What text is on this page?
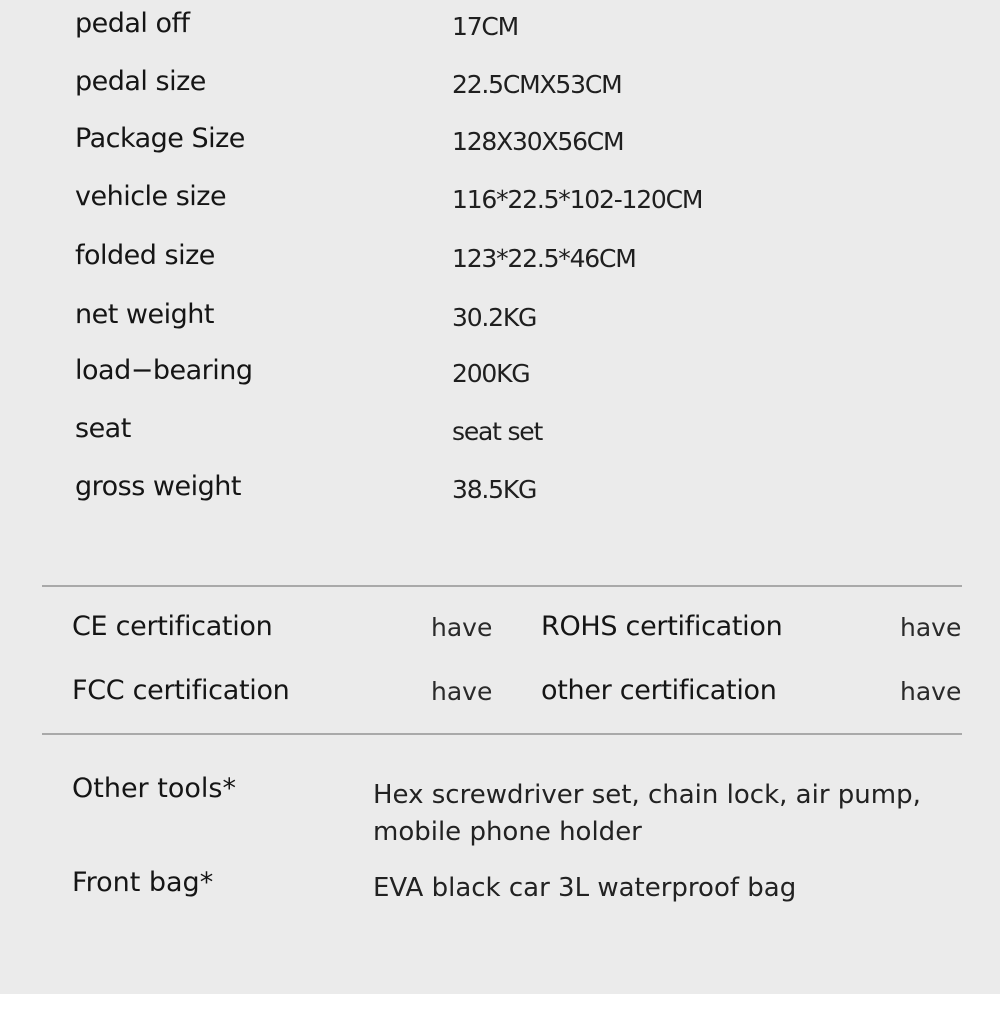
pedal off	17CM
pedal size	22.5CMX53CM
Package Size	128X30X56CM
vehicle size	116*22.5*102-120CM
folded size	123*22.5*46CM
net weight	30.2KG
load−bearing	200KG
seat	seat set
gross weight	38.5KG
CE certification	have ROHS certification	have
FCC certification	have other certification	have
Other tools*	Hex screwdriver set, chain lock, air pump, mobile phone holder
Front bag*	EVA black car 3L waterproof bag
